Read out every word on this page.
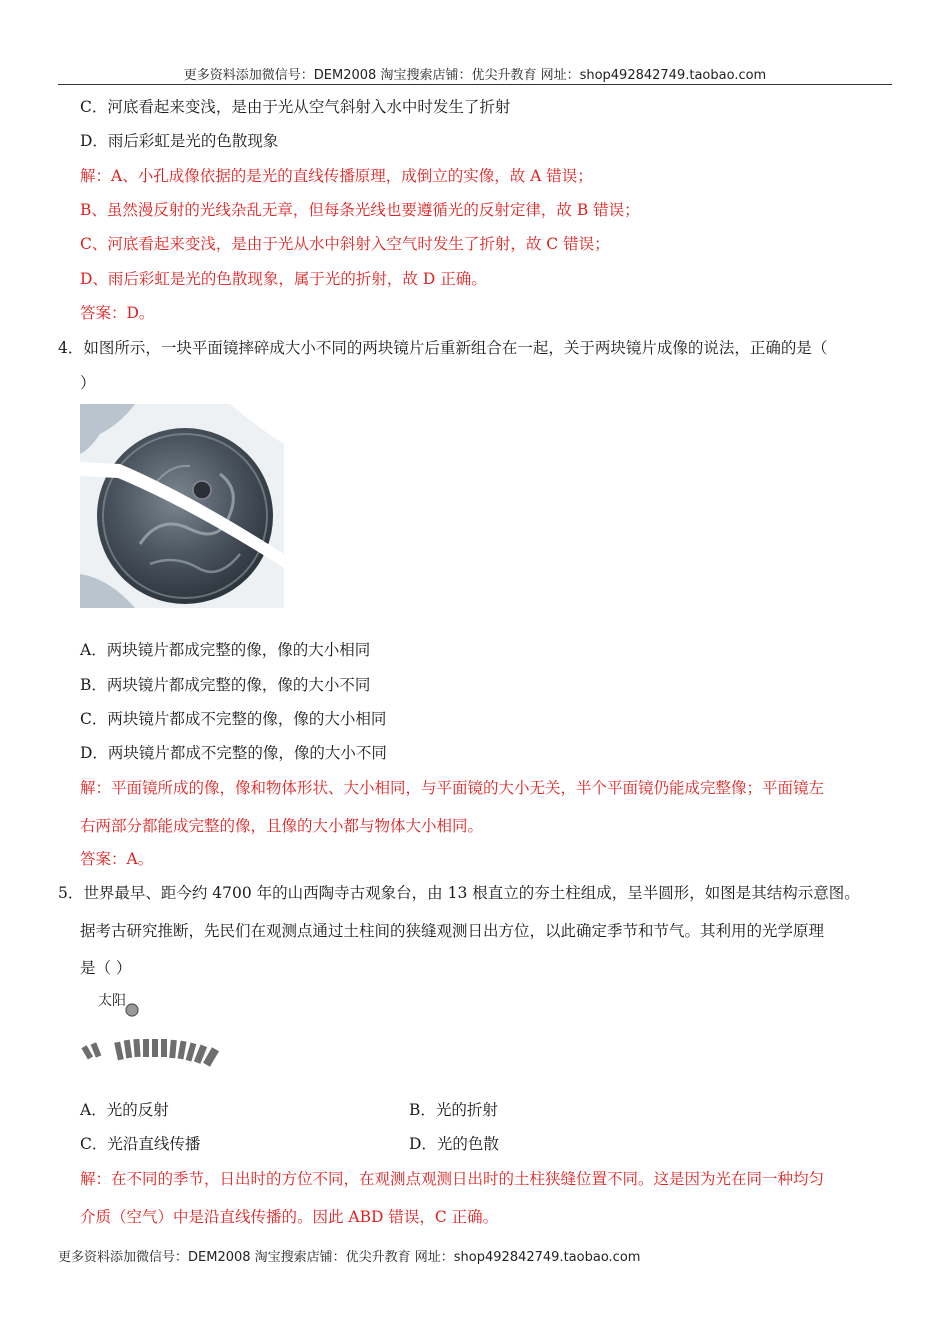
更多资料添加微信号：DEM2008 淘宝搜索店铺：优尖升教育 网址：shop492842749.taobao.com
C．河底看起来变浅，是由于光从空气斜射入水中时发生了折射
D．雨后彩虹是光的色散现象
解：A、小孔成像依据的是光的直线传播原理，成倒立的实像，故 A 错误；
B、虽然漫反射的光线杂乱无章，但每条光线也要遵循光的反射定律，故 B 错误；
C、河底看起来变浅，是由于光从水中斜射入空气时发生了折射，故 C 错误；
D、雨后彩虹是光的色散现象，属于光的折射，故 D 正确。
答案：D。
4．如图所示，一块平面镜摔碎成大小不同的两块镜片后重新组合在一起，关于两块镜片成像的说法，正确的是（
）
A．两块镜片都成完整的像，像的大小相同
B．两块镜片都成完整的像，像的大小不同
C．两块镜片都成不完整的像，像的大小相同
D．两块镜片都成不完整的像，像的大小不同
解：平面镜所成的像，像和物体形状、大小相同，与平面镜的大小无关，半个平面镜仍能成完整像；平面镜左
右两部分都能成完整的像，且像的大小都与物体大小相同。
答案：A。
5．世界最早、距今约 4700 年的山西陶寺古观象台，由 13 根直立的夯土柱组成，呈半圆形，如图是其结构示意图。
据考古研究推断，先民们在观测点通过土柱间的狭缝观测日出方位，以此确定季节和节气。其利用的光学原理
是（ ）
太阳
A．光的反射	B．光的折射
C．光沿直线传播	D．光的色散
解：在不同的季节，日出时的方位不同，在观测点观测日出时的土柱狭缝位置不同。这是因为光在同一种均匀
介质（空气）中是沿直线传播的。因此 ABD 错误，C 正确。
更多资料添加微信号：DEM2008 淘宝搜索店铺：优尖升教育 网址：shop492842749.taobao.com
